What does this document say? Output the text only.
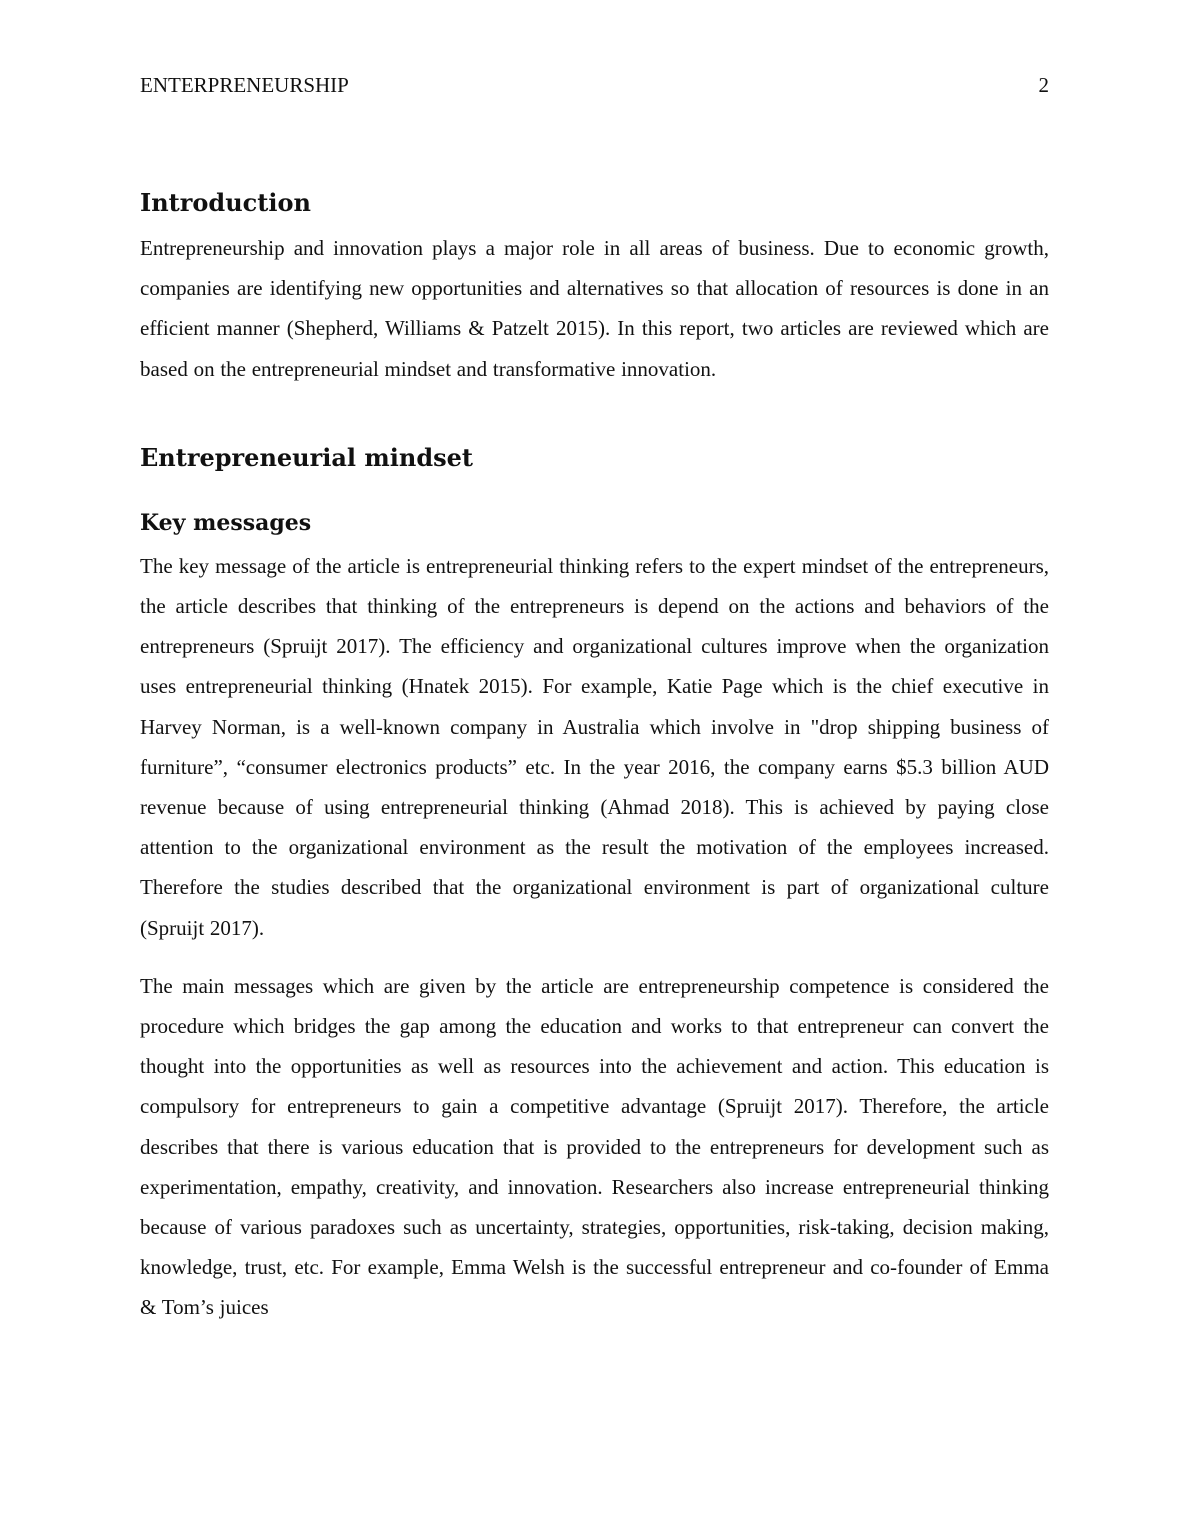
ENTERPRENEURSHIP	2
Introduction

Entrepreneurship and innovation plays a major role in all areas of business. Due to economic growth, companies are identifying new opportunities and alternatives so that allocation of resources is done in an efficient manner (Shepherd, Williams & Patzelt 2015). In this report, two articles are reviewed which are based on the entrepreneurial mindset and transformative innovation.

Entrepreneurial mindset
Key messages

The key message of the article is entrepreneurial thinking refers to the expert mindset of the entrepreneurs, the article describes that thinking of the entrepreneurs is depend on the actions and behaviors of the entrepreneurs (Spruijt 2017). The efficiency and organizational cultures improve when the organization uses entrepreneurial thinking (Hnatek 2015). For example, Katie Page which is the chief executive in Harvey Norman, is a well-known company in Australia which involve in "drop shipping business of furniture”, “consumer electronics products” etc. In the year 2016, the company earns $5.3 billion AUD revenue because of using entrepreneurial thinking (Ahmad 2018). This is achieved by paying close attention to the organizational environment as the result the motivation of the employees increased. Therefore the studies described that the organizational environment is part of organizational culture (Spruijt 2017).

The main messages which are given by the article are entrepreneurship competence is considered the procedure which bridges the gap among the education and works to that entrepreneur can convert the thought into the opportunities as well as resources into the achievement and action. This education is compulsory for entrepreneurs to gain a competitive advantage (Spruijt 2017). Therefore, the article describes that there is various education that is provided to the entrepreneurs for development such as experimentation, empathy, creativity, and innovation. Researchers also increase entrepreneurial thinking because of various paradoxes such as uncertainty, strategies, opportunities, risk-taking, decision making, knowledge, trust, etc. For example, Emma Welsh is the successful entrepreneur and co-founder of Emma & Tom’s juices
